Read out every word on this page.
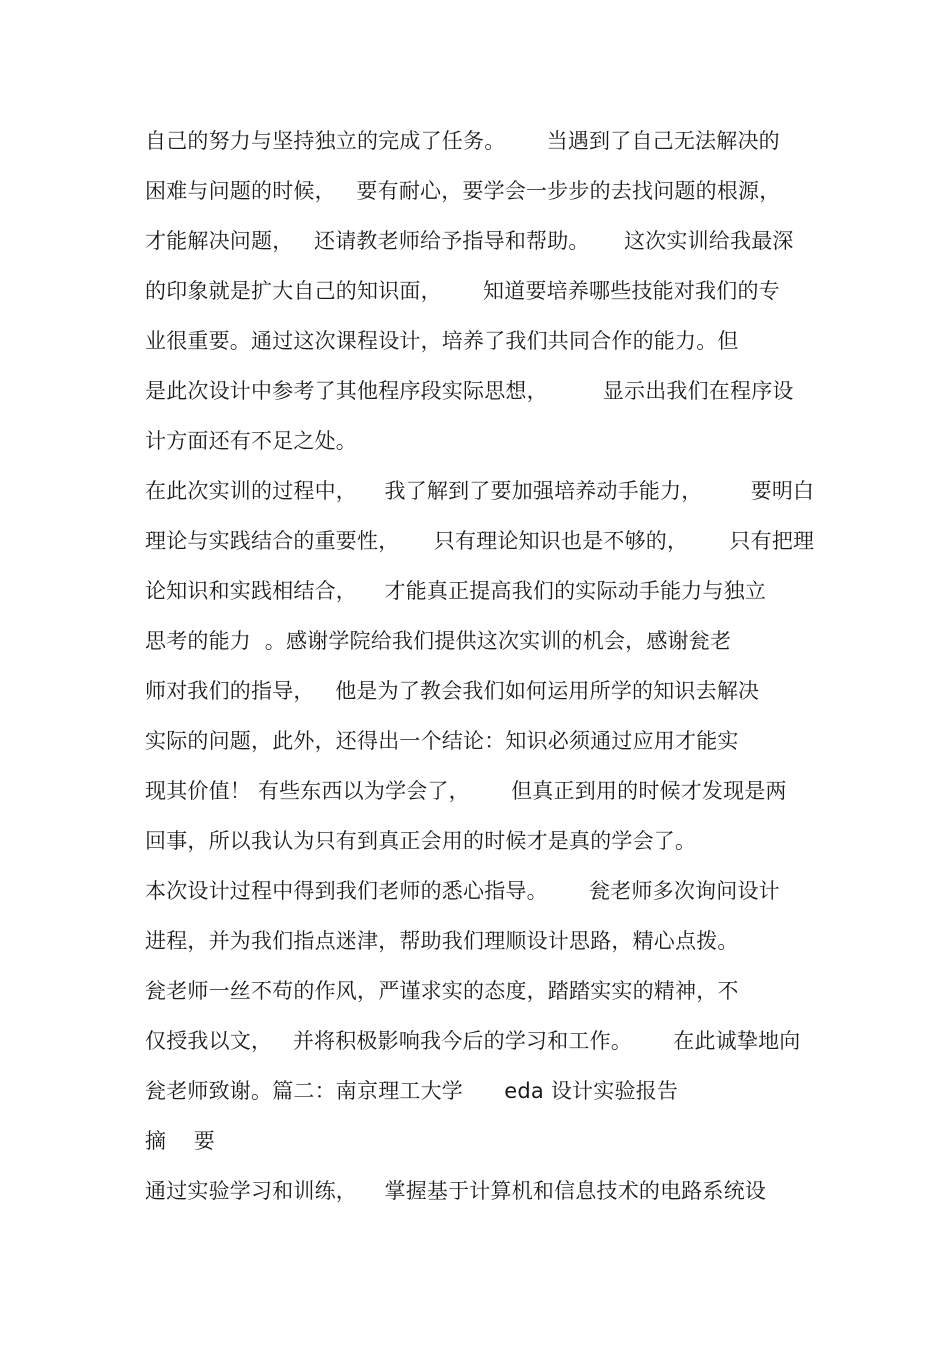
自己的努力与坚持独立的完成了任务。      当遇到了自己无法解决的
困难与问题的时候，   要有耐心，要学会一步步的去找问题的根源，
才能解决问题，   还请教老师给予指导和帮助。     这次实训给我最深
的印象就是扩大自己的知识面，      知道要培养哪些技能对我们的专
业很重要。通过这次课程设计，培养了我们共同合作的能力。但
是此次设计中参考了其他程序段实际思想，        显示出我们在程序设
计方面还有不足之处。
在此次实训的过程中，    我了解到了要加强培养动手能力，       要明白
理论与实践结合的重要性，     只有理论知识也是不够的，      只有把理
论知识和实践相结合，    才能真正提高我们的实际动手能力与独立
思考的能力  。感谢学院给我们提供这次实训的机会，感谢瓮老
师对我们的指导，   他是为了教会我们如何运用所学的知识去解决
实际的问题，此外，还得出一个结论：知识必须通过应用才能实
现其价值！ 有些东西以为学会了，      但真正到用的时候才发现是两
回事，所以我认为只有到真正会用的时候才是真的学会了。
本次设计过程中得到我们老师的悉心指导。      瓮老师多次询问设计
进程，并为我们指点迷津，帮助我们理顺设计思路，精心点拨。
瓮老师一丝不苟的作风，严谨求实的态度，踏踏实实的精神，不
仅授我以文，   并将积极影响我今后的学习和工作。      在此诚挚地向
瓮老师致谢。篇二：南京理工大学      eda 设计实验报告
摘    要
通过实验学习和训练，    掌握基于计算机和信息技术的电路系统设
